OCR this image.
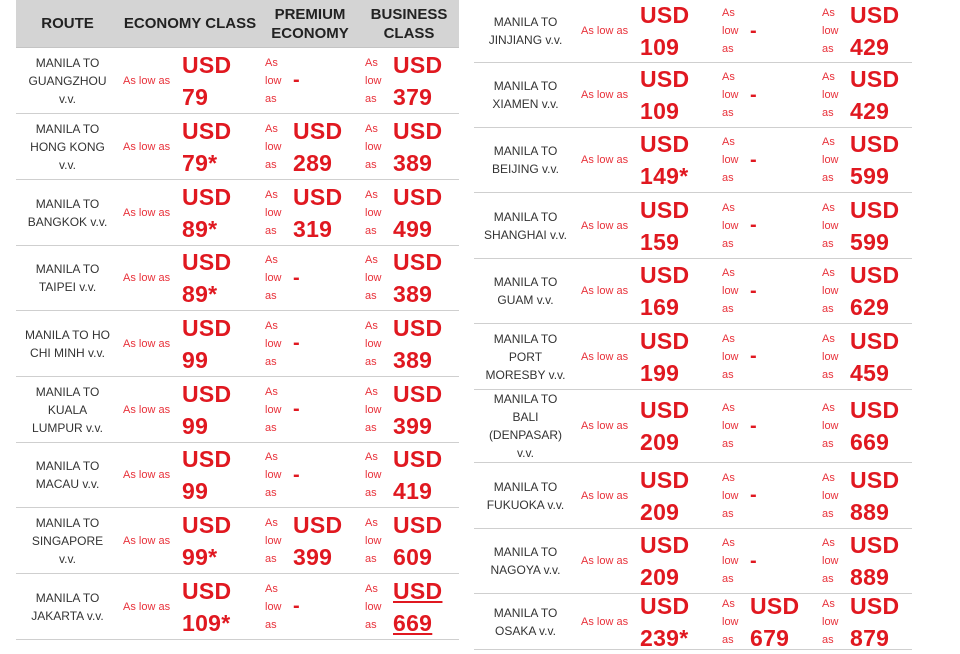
ROUTE	ECONOMY CLASS
PREMIUM
ECONOMY
BUSINESS
CLASS
MANILA TO
GUANGZHOU
v.v.
As low as
USD
79
As
low
as
-
As
low
as
USD
379
MANILA TO
HONG KONG
v.v.
As low as
USD
79*
As
low
as
USD
289
As
low
as
USD
389
MANILA TO
BANGKOK v.v.
As low as
USD
89*
As
low
as
USD
319
As
low
as
USD
499
MANILA TO
TAIPEI v.v.
As low as
USD
89*
As
low
as
-
As
low
as
USD
389
MANILA TO HO
CHI MINH v.v.
As low as
USD
99
As
low
as
-
As
low
as
USD
389
MANILA TO
KUALA
LUMPUR v.v.
As low as
USD
99
As
low
as
-
As
low
as
USD
399
MANILA TO
MACAU v.v.
As low as
USD
99
As
low
as
-
As
low
as
USD
419
MANILA TO
SINGAPORE
v.v.
As low as
USD
99*
As
low
as
USD
399
As
low
as
USD
609
MANILA TO
JAKARTA v.v.
As low as
USD
109*
As
low
as
-
As
low
as
USD
669
MANILA TO
JINJIANG v.v.
As low as
USD
109
As
low
as
-
As
low
as
USD
429
MANILA TO
XIAMEN v.v.
As low as
USD
109
As
low
as
-
As
low
as
USD
429
MANILA TO
BEIJING v.v.
As low as
USD
149*
As
low
as
-
As
low
as
USD
599
MANILA TO
SHANGHAI v.v.
As low as
USD
159
As
low
as
-
As
low
as
USD
599
MANILA TO
GUAM v.v.
As low as
USD
169
As
low
as
-
As
low
as
USD
629
MANILA TO
PORT
MORESBY v.v.
As low as
USD
199
As
low
as
-
As
low
as
USD
459
MANILA TO
BALI
(DENPASAR)
v.v.
As low as
USD
209
As
low
as
-
As
low
as
USD
669
MANILA TO
FUKUOKA v.v.
As low as
USD
209
As
low
as
-
As
low
as
USD
889
MANILA TO
NAGOYA v.v.
As low as
USD
209
As
low
as
-
As
low
as
USD
889
MANILA TO
OSAKA v.v.
As low as
USD
239*
As
low
as
USD
679
As
low
as
USD
879
